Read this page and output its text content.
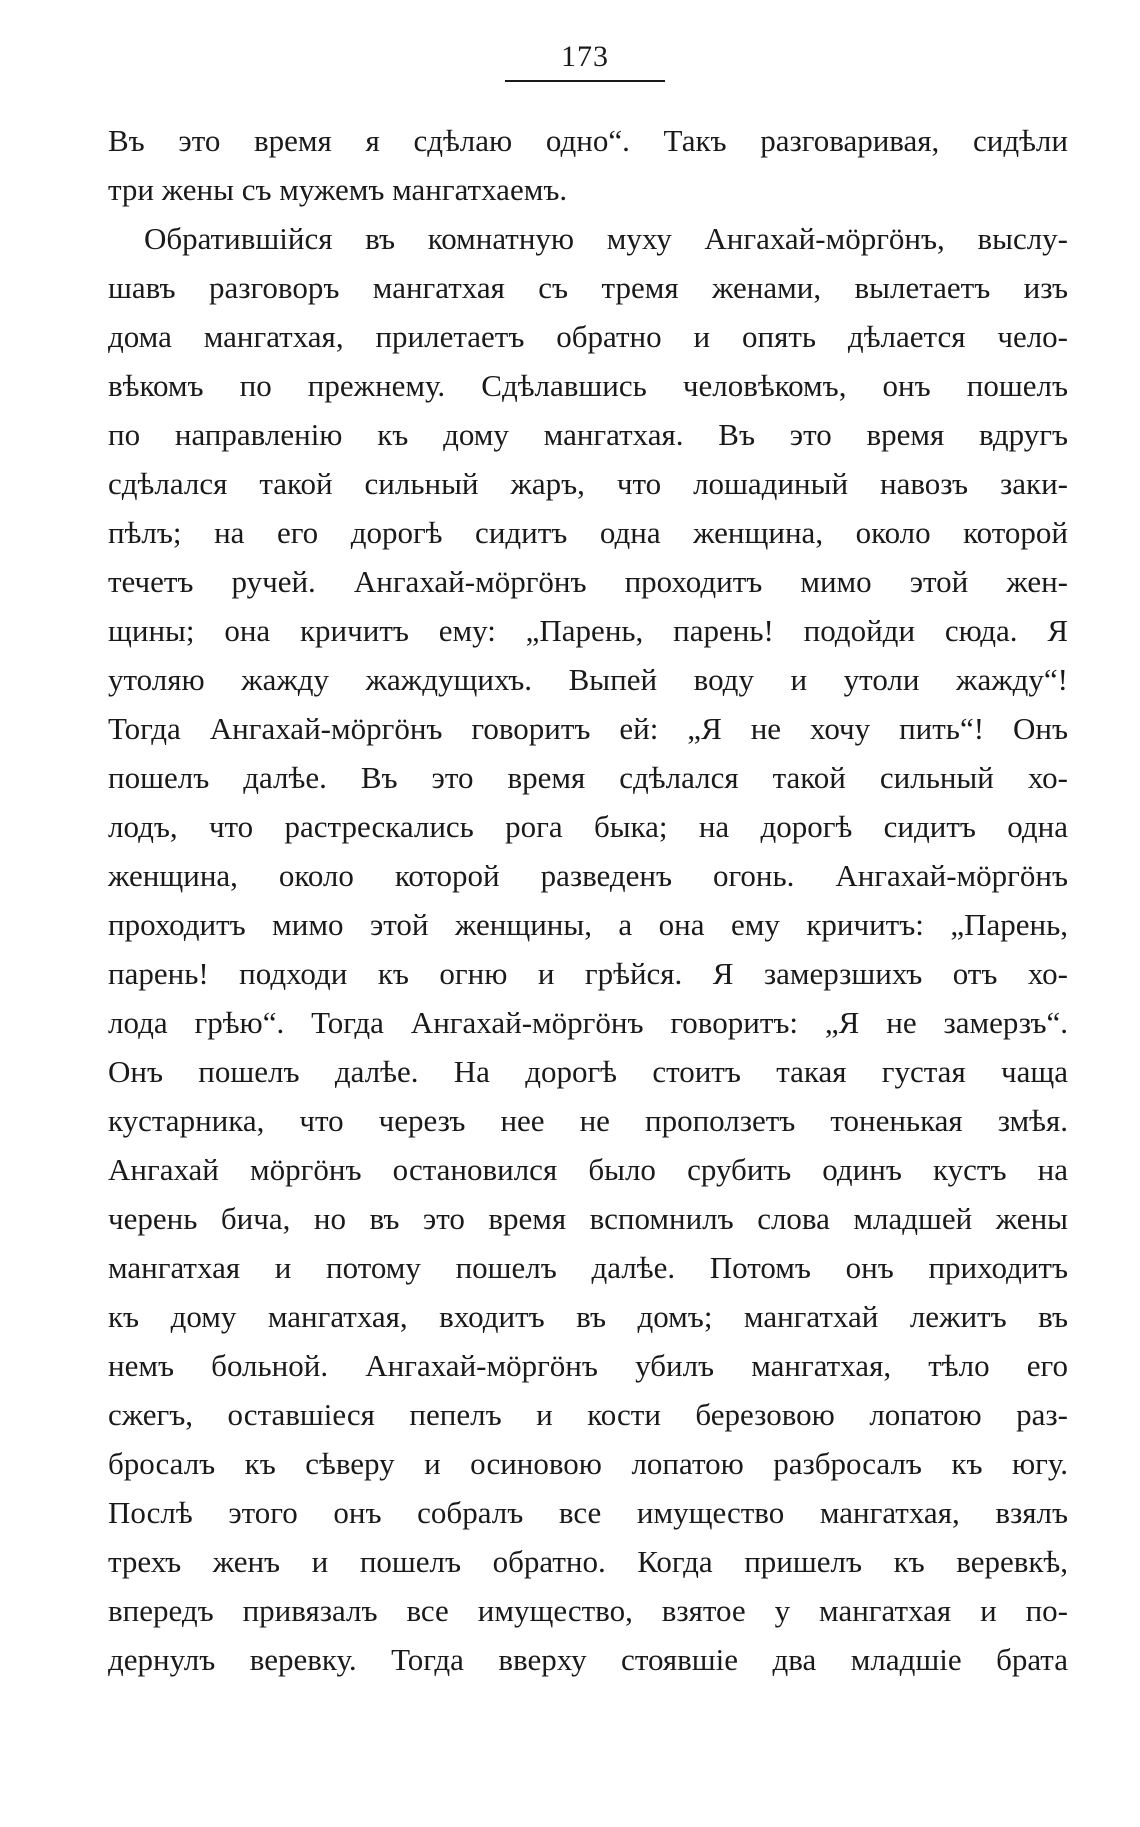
173
Въ это время я сдѣлаю одно“. Такъ разговаривая, сидѣли
три жены съ мужемъ мангатхаемъ.
Обратившійся въ комнатную муху Ангахай-мöргöнъ, выслу-
шавъ разговоръ мангатхая съ тремя женами, вылетаетъ изъ
дома мангатхая, прилетаетъ обратно и опять дѣлается чело-
вѣкомъ по прежнему. Сдѣлавшись человѣкомъ, онъ пошелъ
по направленію къ дому мангатхая. Въ это время вдругъ
сдѣлался такой сильный жаръ, что лошадиный навозъ заки-
пѣлъ; на его дорогѣ сидитъ одна женщина, около которой
течетъ ручей. Ангахай-мöргöнъ проходитъ мимо этой жен-
щины; она кричитъ ему: „Парень, парень! подойди сюда. Я
утоляю жажду жаждущихъ. Выпей воду и утоли жажду“!
Тогда Ангахай-мöргöнъ говоритъ ей: „Я не хочу пить“! Онъ
пошелъ далѣе. Въ это время сдѣлался такой сильный хо-
лодъ, что растрескались рога быка; на дорогѣ сидитъ одна
женщина, около которой разведенъ огонь. Ангахай-мöргöнъ
проходитъ мимо этой женщины, а она ему кричитъ: „Парень,
парень! подходи къ огню и грѣйся. Я замерзшихъ отъ хо-
лода грѣю“. Тогда Ангахай-мöргöнъ говоритъ: „Я не замерзъ“.
Онъ пошелъ далѣе. На дорогѣ стоитъ такая густая чаща
кустарника, что черезъ нее не проползетъ тоненькая змѣя.
Ангахай мöргöнъ остановился было срубить одинъ кустъ на
черень бича, но въ это время вспомнилъ слова младшей жены
мангатхая и потому пошелъ далѣе. Потомъ онъ приходитъ
къ дому мангатхая, входитъ въ домъ; мангатхай лежитъ въ
немъ больной. Ангахай-мöргöнъ убилъ мангатхая, тѣло его
сжегъ, оставшіеся пепелъ и кости березовою лопатою раз-
бросалъ къ сѣверу и осиновою лопатою разбросалъ къ югу.
Послѣ этого онъ собралъ все имущество мангатхая, взялъ
трехъ женъ и пошелъ обратно. Когда пришелъ къ веревкѣ,
впередъ привязалъ все имущество, взятое у мангатхая и по-
дернулъ веревку. Тогда вверху стоявшіе два младшіе брата
